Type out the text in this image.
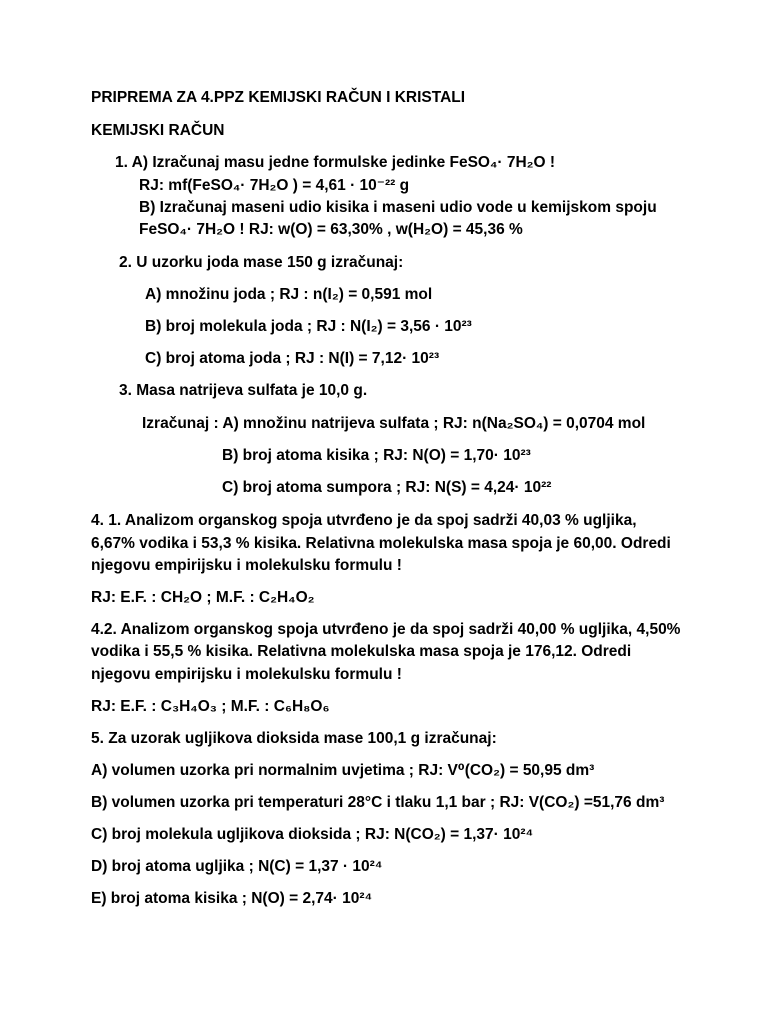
PRIPREMA ZA 4.PPZ KEMIJSKI RAČUN I KRISTALI
KEMIJSKI RAČUN
1. A) Izračunaj masu jedne formulske jedinke FeSO₄· 7H₂O !
RJ: mf(FeSO₄· 7H₂O ) = 4,61 · 10⁻²² g
B) Izračunaj maseni udio kisika i maseni udio vode u kemijskom spoju
FeSO₄· 7H₂O ! RJ: w(O) = 63,30% , w(H₂O) = 45,36 %
2. U uzorku joda mase 150 g izračunaj:
A) množinu joda ; RJ : n(I₂) = 0,591 mol
B) broj molekula joda ; RJ : N(I₂) = 3,56 · 10²³
C) broj atoma joda ; RJ : N(I) = 7,12· 10²³
3. Masa natrijeva sulfata je 10,0 g.
Izračunaj : A) množinu natrijeva sulfata ; RJ: n(Na₂SO₄) = 0,0704 mol
B) broj atoma kisika ; RJ: N(O) = 1,70· 10²³
C) broj atoma sumpora ; RJ: N(S) = 4,24· 10²²
4. 1. Analizom organskog spoja utvrđeno je da spoj sadrži 40,03 % ugljika,
6,67% vodika i 53,3 % kisika. Relativna molekulska masa spoja je 60,00. Odredi
njegovu empirijsku i molekulsku formulu !
RJ: E.F. : CH₂O ; M.F. : C₂H₄O₂
4.2. Analizom organskog spoja utvrđeno je da spoj sadrži 40,00 % ugljika, 4,50%
vodika i 55,5 % kisika. Relativna molekulska masa spoja je 176,12. Odredi
njegovu empirijsku i molekulsku formulu !
RJ: E.F. : C₃H₄O₃ ; M.F. : C₆H₈O₆
5. Za uzorak ugljikova dioksida mase 100,1 g izračunaj:
A) volumen uzorka pri normalnim uvjetima ; RJ: V⁰(CO₂) = 50,95 dm³
B) volumen uzorka pri temperaturi 28°C i tlaku 1,1 bar ; RJ: V(CO₂) =51,76 dm³
C) broj molekula ugljikova dioksida ; RJ: N(CO₂) = 1,37· 10²⁴
D) broj atoma ugljika ; N(C) = 1,37 · 10²⁴
E) broj atoma kisika ; N(O) = 2,74· 10²⁴
